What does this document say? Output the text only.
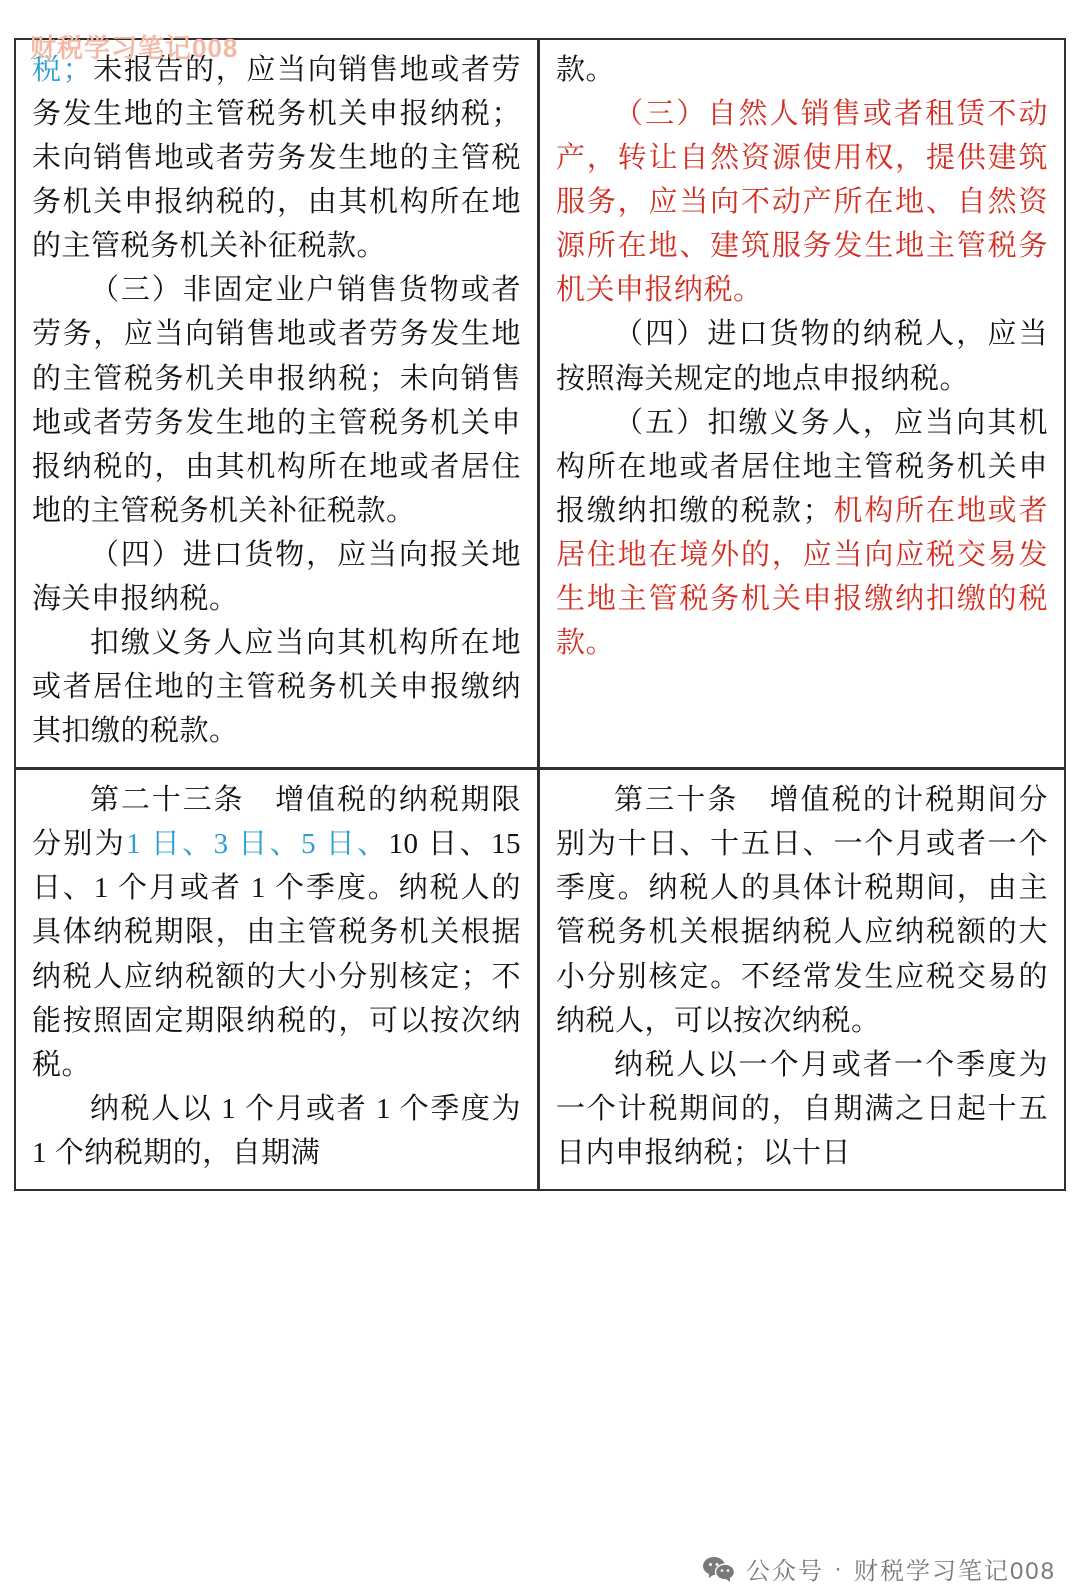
财税学习笔记008

税；未报告的，应当向销售地或者劳务发生地的主管税务机关申报纳税；未向销售地或者劳务发生地的主管税务机关申报纳税的，由其机构所在地的主管税务机关补征税款。

（三）非固定业户销售货物或者劳务，应当向销售地或者劳务发生地的主管税务机关申报纳税；未向销售地或者劳务发生地的主管税务机关申报纳税的，由其机构所在地或者居住地的主管税务机关补征税款。

（四）进口货物，应当向报关地海关申报纳税。

扣缴义务人应当向其机构所在地或者居住地的主管税务机关申报缴纳其扣缴的税款。

款。

（三）自然人销售或者租赁不动产，转让自然资源使用权，提供建筑服务，应当向不动产所在地、自然资源所在地、建筑服务发生地主管税务机关申报纳税。

（四）进口货物的纳税人，应当按照海关规定的地点申报纳税。

（五）扣缴义务人，应当向其机构所在地或者居住地主管税务机关申报缴纳扣缴的税款；机构所在地或者居住地在境外的，应当向应税交易发生地主管税务机关申报缴纳扣缴的税款。

第二十三条　增值税的纳税期限分别为1 日、3 日、5 日、10 日、15 日、1 个月或者 1 个季度。纳税人的具体纳税期限，由主管税务机关根据纳税人应纳税额的大小分别核定；不能按照固定期限纳税的，可以按次纳税。

纳税人以 1 个月或者 1 个季度为 1 个纳税期的，自期满

第三十条　增值税的计税期间分别为十日、十五日、一个月或者一个季度。纳税人的具体计税期间，由主管税务机关根据纳税人应纳税额的大小分别核定。不经常发生应税交易的纳税人，可以按次纳税。

纳税人以一个月或者一个季度为一个计税期间的，自期满之日起十五日内申报纳税；以十日

公众号 · 财税学习笔记008
